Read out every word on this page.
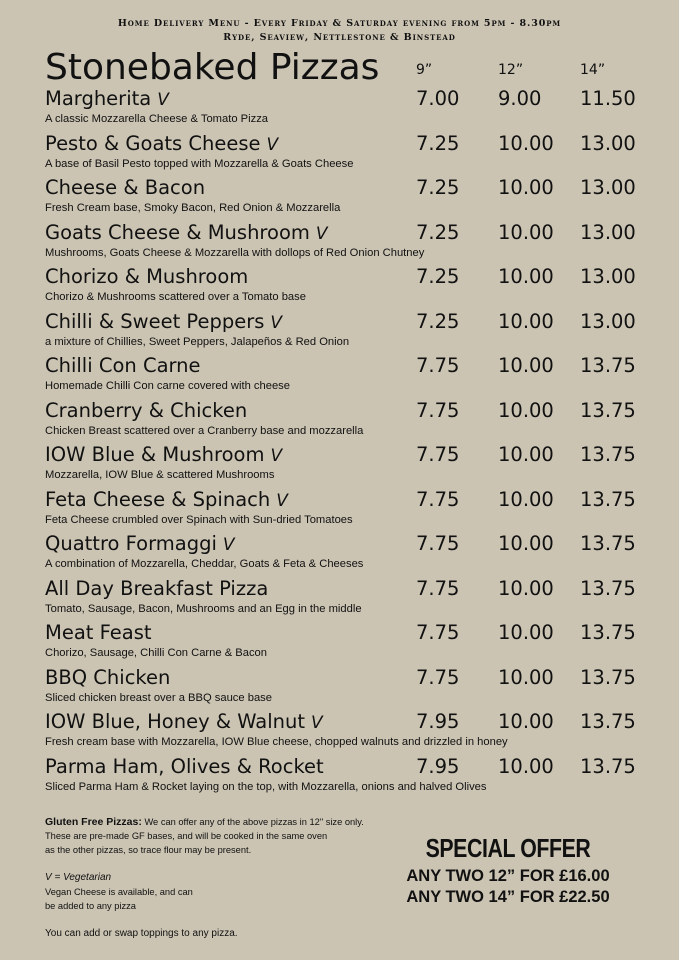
Home Delivery Menu - Every Friday & Saturday evening from 5pm - 8.30pm
Ryde, Seaview, Nettlestone & Binstead
Stonebaked Pizzas	9”	12”	14”
Margherita V	7.00 9.00 11.50
A classic Mozzarella Cheese & Tomato Pizza
Pesto & Goats Cheese V	7.25 10.00 13.00
A base of Basil Pesto topped with Mozzarella & Goats Cheese
Cheese & Bacon	7.25 10.00 13.00
Fresh Cream base, Smoky Bacon, Red Onion & Mozzarella
Goats Cheese & Mushroom V	7.25 10.00 13.00
Mushrooms, Goats Cheese & Mozzarella with dollops of Red Onion Chutney
Chorizo & Mushroom	7.25 10.00 13.00
Chorizo & Mushrooms scattered over a Tomato base
Chilli & Sweet Peppers V	7.25 10.00 13.00
a mixture of Chillies, Sweet Peppers, Jalapeños & Red Onion
Chilli Con Carne	7.75 10.00 13.75
Homemade Chilli Con carne covered with cheese
Cranberry & Chicken	7.75 10.00 13.75
Chicken Breast scattered over a Cranberry base and mozzarella
IOW Blue & Mushroom V	7.75 10.00 13.75
Mozzarella, IOW Blue & scattered Mushrooms
Feta Cheese & Spinach V	7.75 10.00 13.75
Feta Cheese crumbled over Spinach with Sun-dried Tomatoes
Quattro Formaggi V	7.75 10.00 13.75
A combination of Mozzarella, Cheddar, Goats & Feta & Cheeses
All Day Breakfast Pizza	7.75 10.00 13.75
Tomato, Sausage, Bacon, Mushrooms and an Egg in the middle
Meat Feast	7.75 10.00 13.75
Chorizo, Sausage, Chilli Con Carne & Bacon
BBQ Chicken	7.75 10.00 13.75
Sliced chicken breast over a BBQ sauce base
IOW Blue, Honey & Walnut V	7.95 10.00 13.75
Fresh cream base with Mozzarella, IOW Blue cheese, chopped walnuts and drizzled in honey
Parma Ham, Olives & Rocket	7.95 10.00 13.75
Sliced Parma Ham & Rocket laying on the top, with Mozzarella, onions and halved Olives
Gluten Free Pizzas: We can offer any of the above pizzas in 12" size only.
These are pre-made GF bases, and will be cooked in the same oven
as the other pizzas, so trace flour may be present.
V = Vegetarian
Vegan Cheese is available, and can
be added to any pizza
You can add or swap toppings to any pizza.
SPECIAL OFFER
ANY TWO 12” FOR £16.00
ANY TWO 14” FOR £22.50
